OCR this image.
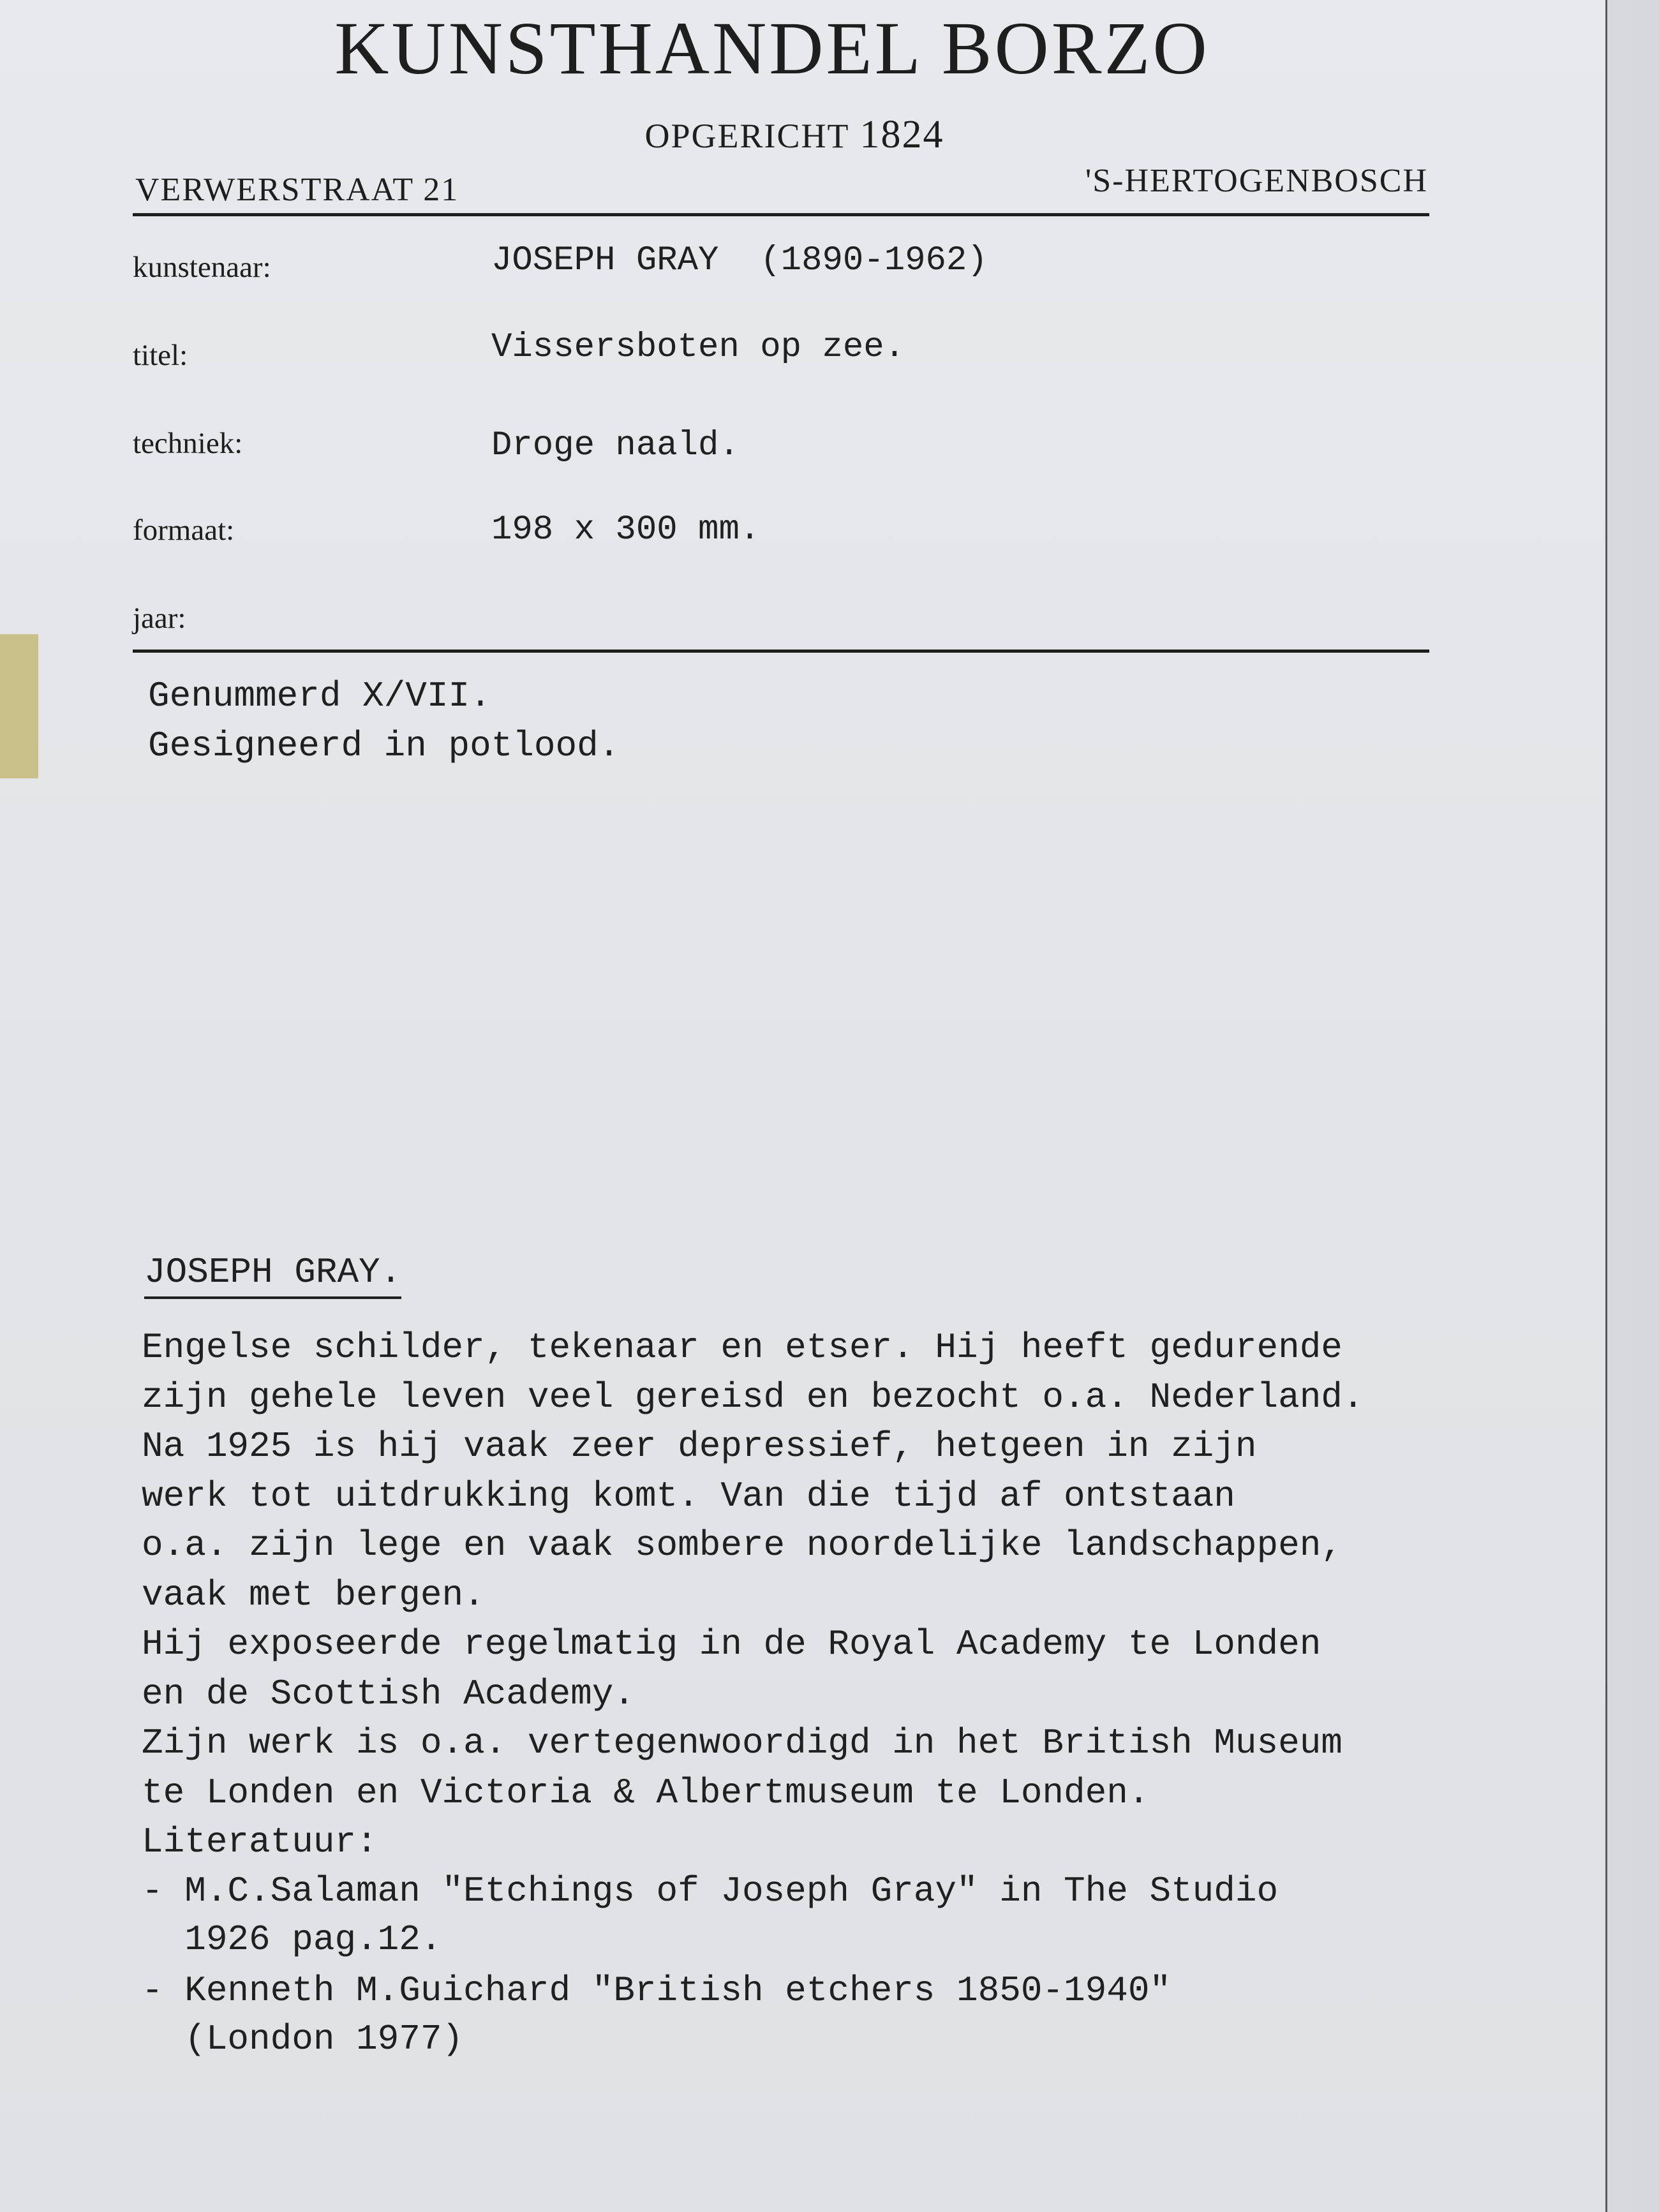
KUNSTHANDEL BORZO
OPGERICHT 1824
VERWERSTRAAT 21	'S-HERTOGENBOSCH
kunstenaar:	JOSEPH GRAY  (1890-1962)
titel:	Vissersboten op zee.
techniek:	Droge naald.
formaat:	198 x 300 mm.
jaar:
Genummerd X/VII.
Gesigneerd in potlood.
JOSEPH GRAY.
Engelse schilder, tekenaar en etser. Hij heeft gedurende
zijn gehele leven veel gereisd en bezocht o.a. Nederland.
Na 1925 is hij vaak zeer depressief, hetgeen in zijn
werk tot uitdrukking komt. Van die tijd af ontstaan
o.a. zijn lege en vaak sombere noordelijke landschappen,
vaak met bergen.
Hij exposeerde regelmatig in de Royal Academy te Londen
en de Scottish Academy.
Zijn werk is o.a. vertegenwoordigd in het British Museum
te Londen en Victoria & Albertmuseum te Londen.
Literatuur:
- M.C.Salaman "Etchings of Joseph Gray" in The Studio
1926 pag.12.
- Kenneth M.Guichard "British etchers 1850-1940"
(London 1977)
